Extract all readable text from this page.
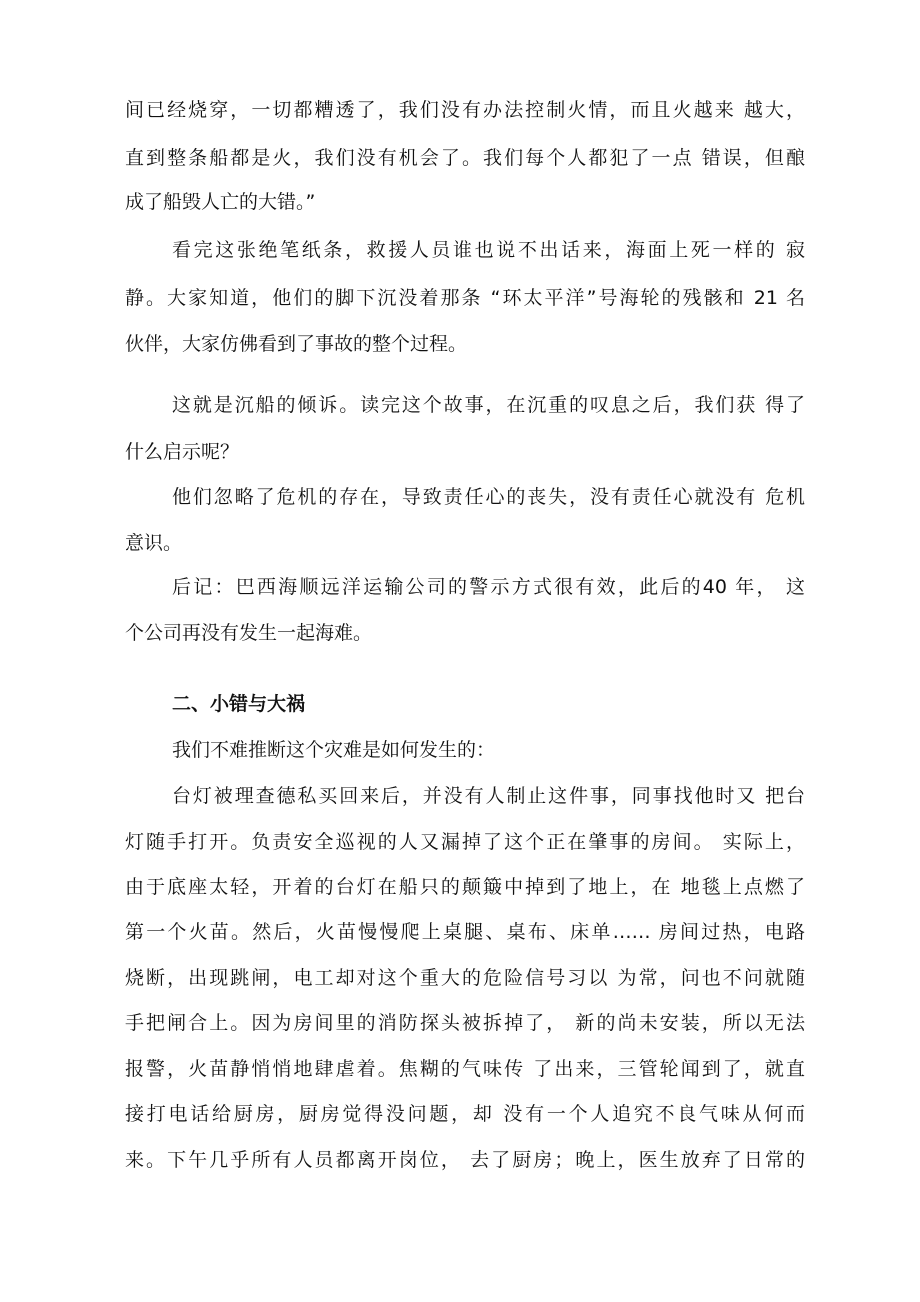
间已经烧穿，一切都糟透了，我们没有办法控制火情，而且火越来 越大，
直到整条船都是火，我们没有机会了。我们每个人都犯了一点 错误，但酿
成了船毁人亡的大错。”
看完这张绝笔纸条，救援人员谁也说不出话来，海面上死一样的 寂
静。大家知道，他们的脚下沉没着那条 “环太平洋”号海轮的残骸和 21 名
伙伴，大家仿佛看到了事故的整个过程。
这就是沉船的倾诉。读完这个故事，在沉重的叹息之后，我们获 得了
什么启示呢？
他们忽略了危机的存在，导致责任心的丧失，没有责任心就没有 危机
意识。
后记：巴西海顺远洋运输公司的警示方式很有效，此后的40 年， 这
个公司再没有发生一起海难。
二、小错与大祸
我们不难推断这个灾难是如何发生的：
台灯被理查德私买回来后，并没有人制止这件事，同事找他时又 把台
灯随手打开。负责安全巡视的人又漏掉了这个正在肇事的房间。 实际上，
由于底座太轻，开着的台灯在船只的颠簸中掉到了地上，在 地毯上点燃了
第一个火苗。然后，火苗慢慢爬上桌腿、桌布、床单…… 房间过热，电路
烧断，出现跳闸，电工却对这个重大的危险信号习以 为常，问也不问就随
手把闸合上。因为房间里的消防探头被拆掉了， 新的尚未安装，所以无法
报警，火苗静悄悄地肆虐着。焦糊的气味传 了出来，三管轮闻到了，就直
接打电话给厨房，厨房觉得没问题，却 没有一个人追究不良气味从何而
来。下午几乎所有人员都离开岗位， 去了厨房；晚上，医生放弃了日常的
